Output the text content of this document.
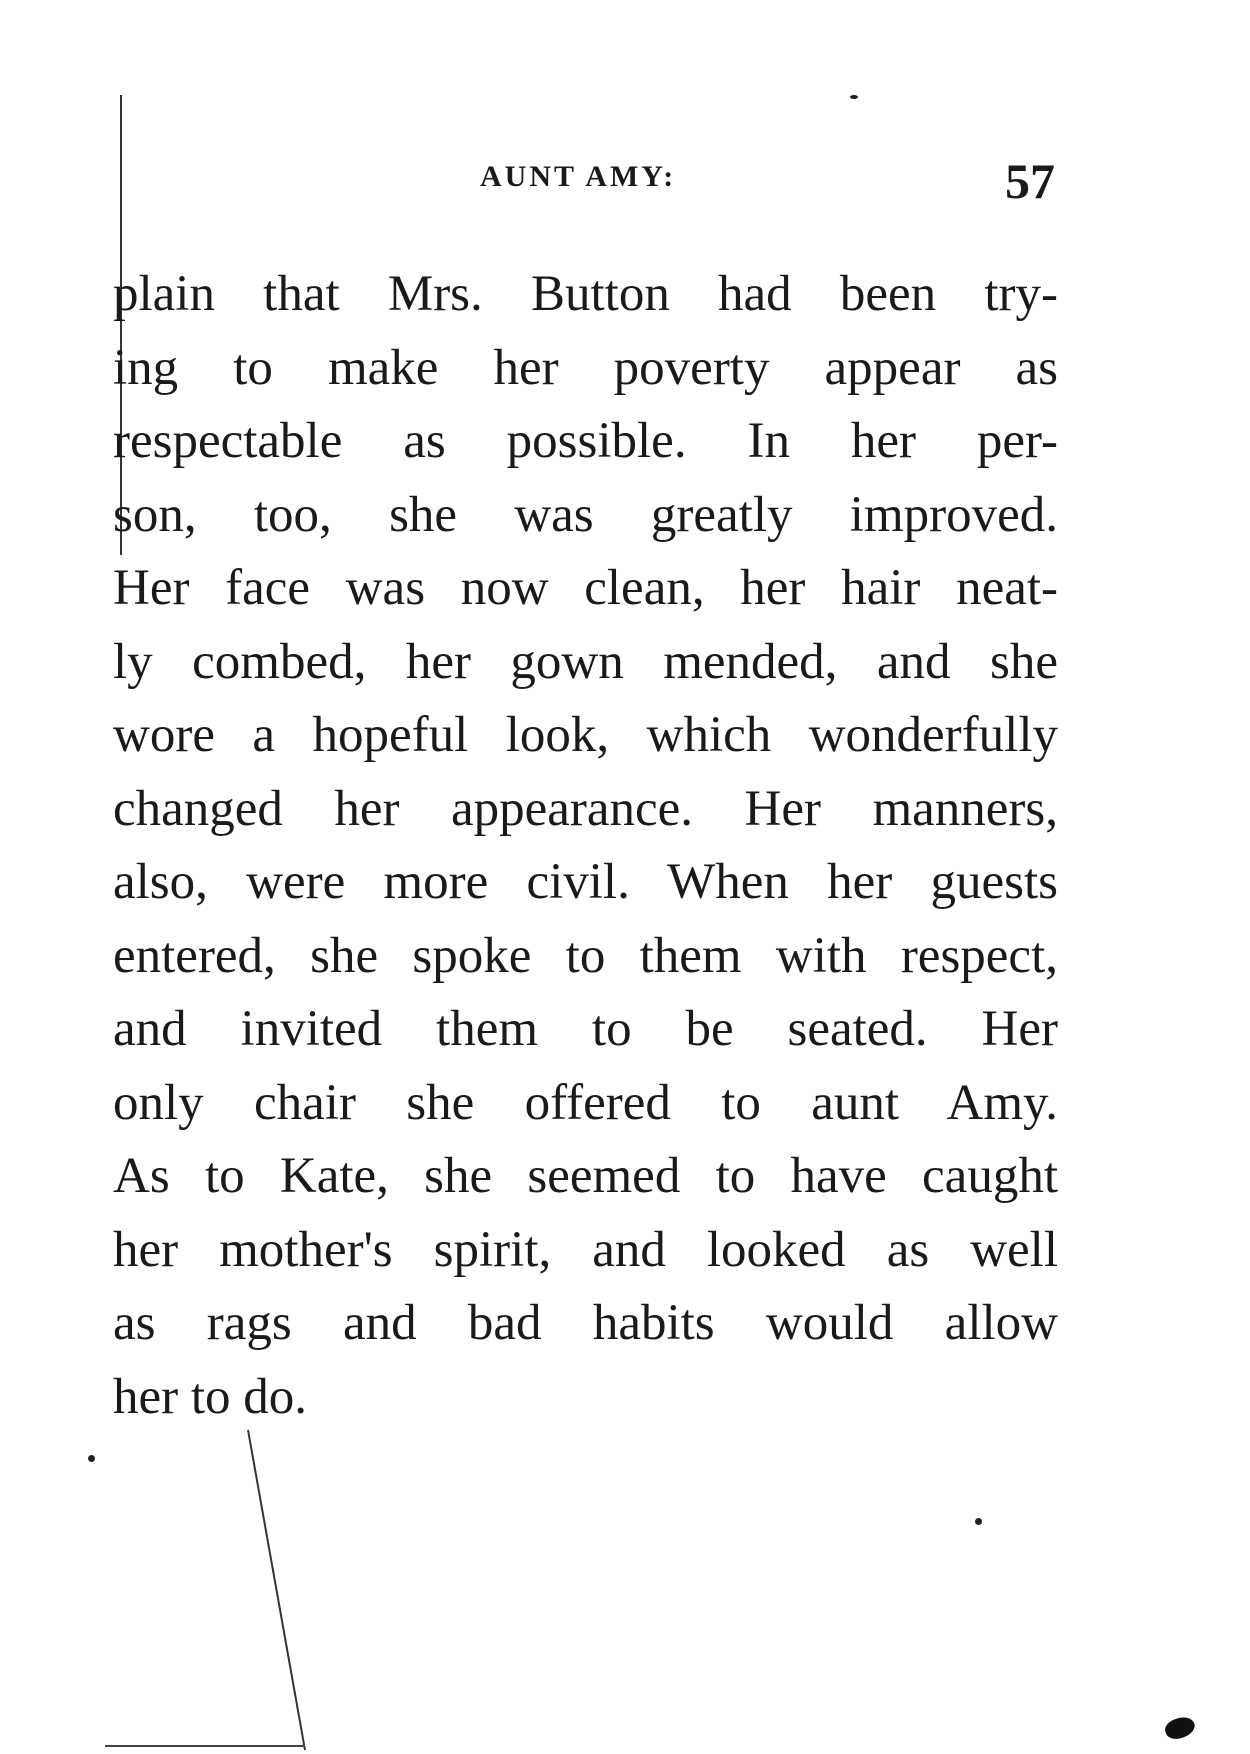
AUNT AMY:	57
plain that Mrs. Button had been try-
ing to make her poverty appear as
respectable as possible. In her per-
son, too, she was greatly improved.
Her face was now clean, her hair neat-
ly combed, her gown mended, and she
wore a hopeful look, which wonderfully
changed her appearance. Her manners,
also, were more civil. When her guests
entered, she spoke to them with respect,
and invited them to be seated. Her
only chair she offered to aunt Amy.
As to Kate, she seemed to have caught
her mother's spirit, and looked as well
as rags and bad habits would allow
her to do.
